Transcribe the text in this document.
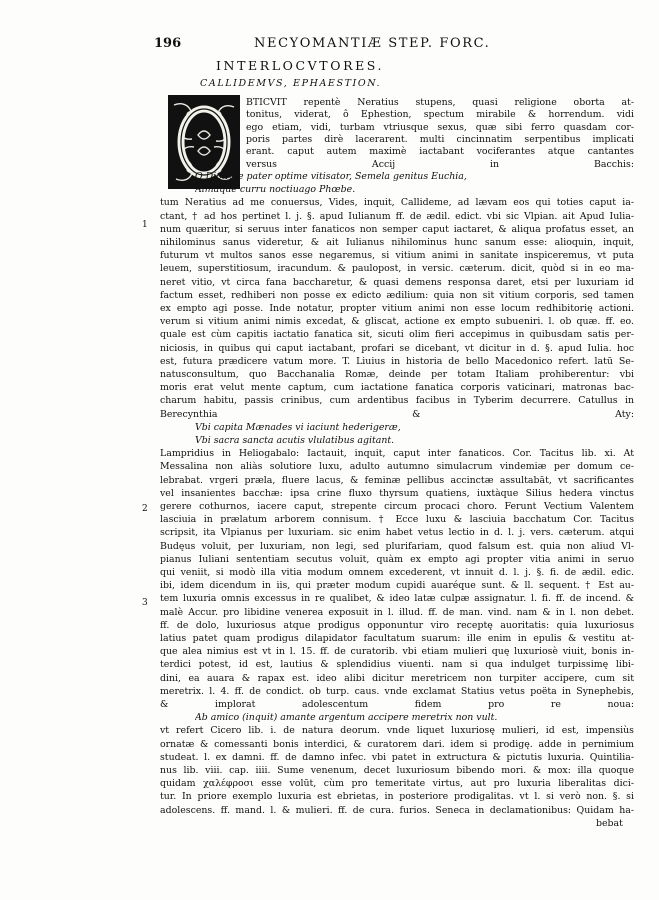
196	NECYOMANTIÆ STEP. FORC.
INTERLOCVTORES.
CALLIDEMVS, EPHAESTION.
1
2
3
BTICVIT repentè Neratius stupens, quasi religione oborta at-
tonitus, viderat, ô Ephestion, spectum mirabile & horrendum. vidi
ego etiam, vidi, turbam vtriusque sexus, quæ sibi ferro quasdam cor-
poris partes dirè lacerarent. multi cincinnatim serpentibus implicati
erant. caput autem maximè iactabant vociferantes atque cantantes
versus Accij in Bacchis:
O Dionyse pater optime vitisator, Semela genitus Euchia,
Almaque curru noctiuago Phœbe.
tum Neratius ad me conuersus, Vides, inquit, Callideme, ad lævam eos qui toties caput ia-
ctant, † ad hos pertinet l. j. §. apud Iulianum ff. de ædil. edict. vbi sic Vlpian. ait Apud Iulia-
num quæritur, si seruus inter fanaticos non semper caput iactaret, & aliqua profatus esset, an
nihilominus sanus videretur, & ait Iulianus nihilominus hunc sanum esse: alioquin, inquit,
futurum vt multos sanos esse negaremus, si vitium animi in sanitate inspiceremus, vt puta
leuem, superstitiosum, iracundum. & paulopost, in versic. cæterum. dicit, quòd si in eo ma-
neret vitio, vt circa fana baccharetur, & quasi demens responsa daret, etsi per luxuriam id
factum esset, redhiberi non posse ex edicto ædilium: quia non sit vitium corporis, sed tamen
ex empto agi posse. Inde notatur, propter vitium animi non esse locum redhibitorię actioni.
verum si vitium animi nimis excedat, & gliscat, actione ex empto subueniri. l. ob quæ. ff. eo.
quale est cùm capitis iactatio fanatica sit, sicuti olim fieri accepimus in quibusdam satis per-
niciosis, in quibus qui caput iactabant, profari se dicebant, vt dicitur in d. §. apud Iulia. hoc
est, futura prædicere vatum more. T. Liuius in historia de bello Macedonico refert. latū Se-
natusconsultum, quo Bacchanalia Romæ, deinde per totam Italiam prohiberentur: vbi
moris erat velut mente captum, cum iactatione fanatica corporis vaticinari, matronas bac-
charum habitu, passis crinibus, cum ardentibus facibus in Tyberim decurrere. Catullus in
Berecynthia & Aty:
Vbi capita Mænades vi iaciunt hederigeræ,
Vbi sacra sancta acutis vlulatibus agitant.
Lampridius in Heliogabalo: Iactauit, inquit, caput inter fanaticos. Cor. Tacitus lib. xi. At
Messalina non aliàs solutiore luxu, adulto autumno simulacrum vindemiæ per domum ce-
lebrabat. vrgeri præla, fluere lacus, & feminæ pellibus accinctæ assultabāt, vt sacrificantes
vel insanientes bacchæ: ipsa crine fluxo thyrsum quatiens, iuxtàque Silius hedera vinctus
gerere cothurnos, iacere caput, strepente circum procaci choro. Ferunt Vectium Valentem
lasciuia in prælatum arborem connisum. † Ecce luxu & lasciuia bacchatum Cor. Tacitus
scripsit, ita Vlpianus per luxuriam. sic enim habet vetus lectio in d. l. j. vers. cæterum. atqui
Budęus voluit, per luxuriam, non legi, sed plurifariam, quod falsum est. quia non aliud Vl-
pianus Iuliani sententiam secutus voluit, quàm ex empto agi propter vitia animi in seruo
qui veniit, si modò illa vitia modum omnem excederent, vt innuit d. l. j. §. fi. de ædil. edic.
ibi, idem dicendum in iis, qui præter modum cupidi auaréque sunt. & ll. sequent. † Est au-
tem luxuria omnis excessus in re qualibet, & ideo latæ culpæ assignatur. l. fi. ff. de incend. &
malè Accur. pro libidine venerea exposuit in l. illud. ff. de man. vind. nam & in l. non debet.
ff. de dolo, luxuriosus atque prodigus opponuntur viro receptę auoritatis: quia luxuriosus
latius patet quam prodigus dilapidator facultatum suarum: ille enim in epulis & vestitu at-
que alea nimius est vt in l. 15. ff. de curatorib. vbi etiam mulieri quę luxuriosè viuit, bonis in-
terdici potest, id est, lautius & splendidius viuenti. nam si qua indulget turpissimę libi-
dini, ea auara & rapax est. ideo alibi dicitur meretricem non turpiter accipere, cum sit
meretrix. l. 4. ff. de condict. ob turp. caus. vnde exclamat Statius vetus poëta in Synephebis,
& implorat adolescentum fidem pro re noua:
Ab amico (inquit) amante argentum accipere meretrix non vult.
vt refert Cicero lib. i. de natura deorum. vnde liquet luxuriosę mulieri, id est, impensiùs
ornatæ & comessanti bonis interdici, & curatorem dari. idem si prodigę. adde in pernimium
studeat. l. ex damni. ff. de damno infec. vbi patet in extructura & pictutis luxuria. Quintilia-
nus lib. viii. cap. iiii. Sume venenum, decet luxuriosum bibendo mori. & mox: illa quoque
quidam χαλέφροσι esse volūt, cùm pro temeritate virtus, aut pro luxuria liberalitas dici-
tur. In priore exemplo luxuria est ebrietas, in posteriore prodigalitas. vt l. si verò non. §. si
adolescens. ff. mand. l. & mulieri. ff. de cura. furios. Seneca in declamationibus: Quidam ha-
bebat
